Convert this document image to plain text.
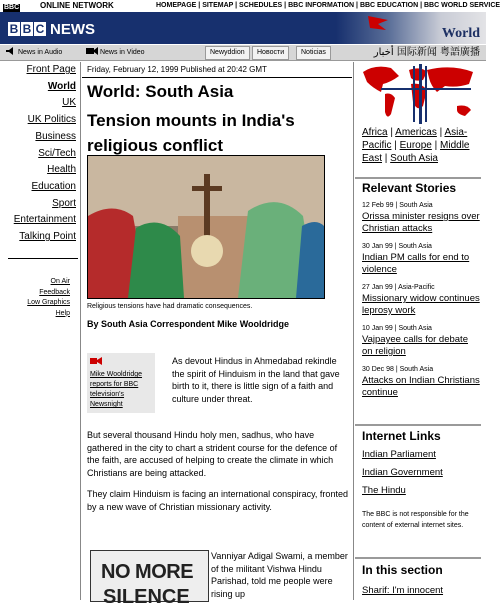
BBC	ONLINE NETWORK	HOMEPAGE | SITEMAP | SCHEDULES | BBC INFORMATION | BBC EDUCATION | BBC WORLD SERVICE
B B C NEWS	World
News in Audio	News in Video	Newyddion	Новости	Noticias	أخبار 国际新闻 粤語廣播
Front Page
World
UK
UK Politics
Business
Sci/Tech
Health
Education
Sport
Entertainment
Talking Point
On Air
Feedback
Low Graphics
Help
Friday, February 12, 1999 Published at 20:42 GMT
World: South Asia
Tension mounts in India's religious conflict
Religious tensions have had dramatic consequences.
By South Asia Correspondent Mike Wooldridge
Mike Wooldridge reports for BBC television's Newsnight
As devout Hindus in Ahmedabad rekindle the spirit of Hinduism in the land that gave birth to it, there is little sign of a faith and culture under threat.
But several thousand Hindu holy men, sadhus, who have gathered in the city to chart a strident course for the defence of the faith, are accused of helping to create the climate in which Christians are being attacked.
They claim Hinduism is facing an international conspiracy, fronted by a new wave of Christian missionary activity.
NO MORE
SILENCE
Vanniyar Adigal Swami, a member of the militant Vishwa Hindu Parishad, told me people were rising up
Africa | Americas | Asia-Pacific | Europe | Middle East | South Asia
Relevant Stories
12 Feb 99 | South Asia
Orissa minister resigns over Christian attacks
30 Jan 99 | South Asia
Indian PM calls for end to violence
27 Jan 99 | Asia-Pacific
Missionary widow continues leprosy work
10 Jan 99 | South Asia
Vajpayee calls for debate on religion
30 Dec 98 | South Asia
Attacks on Indian Christians continue
Internet Links
Indian Parliament
Indian Government
The Hindu
The BBC is not responsible for the content of external internet sites.
In this section
Sharif: I'm innocent
